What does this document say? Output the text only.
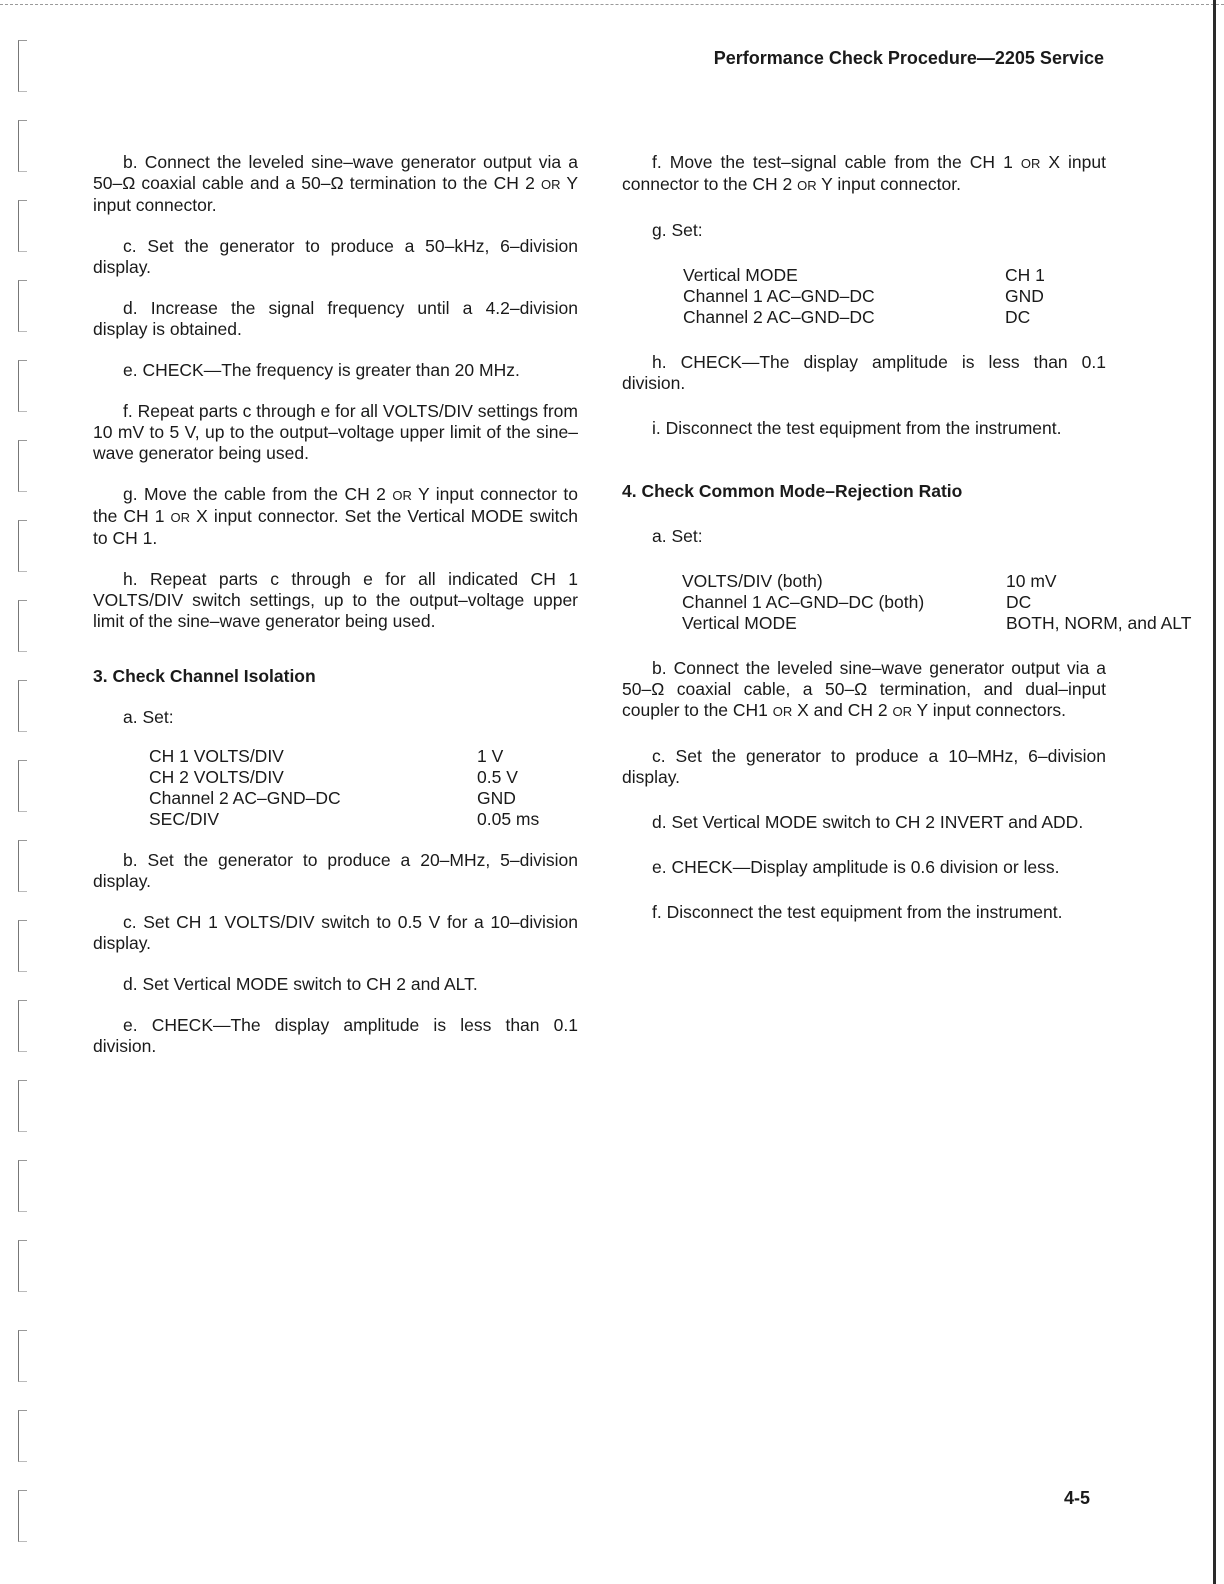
Performance Check Procedure—2205 Service

b. Connect the leveled sine–wave generator output via a 50–Ω coaxial cable and a 50–Ω termination to the CH 2 OR Y input connector.

c. Set the generator to produce a 50–kHz, 6–division display.

d. Increase the signal frequency until a 4.2–division display is obtained.

e. CHECK—The frequency is greater than 20 MHz.

f. Repeat parts c through e for all VOLTS/DIV settings from 10 mV to 5 V, up to the output–voltage upper limit of the sine–wave generator being used.

g. Move the cable from the CH 2 OR Y input connector to the CH 1 OR X input connector. Set the Vertical MODE switch to CH 1.

h. Repeat parts c through e for all indicated CH 1 VOLTS/DIV switch settings, up to the output–voltage upper limit of the sine–wave generator being used.

3. Check Channel Isolation

a. Set:

CH 1 VOLTS/DIV	1 V
CH 2 VOLTS/DIV	0.5 V
Channel 2 AC–GND–DC	GND
SEC/DIV	0.05 ms

b. Set the generator to produce a 20–MHz, 5–division display.

c. Set CH 1 VOLTS/DIV switch to 0.5 V for a 10–division display.

d. Set Vertical MODE switch to CH 2 and ALT.

e. CHECK—The display amplitude is less than 0.1 division.

f. Move the test–signal cable from the CH 1 OR X input connector to the CH 2 OR Y input connector.

g. Set:

Vertical MODE	CH 1
Channel 1 AC–GND–DC	GND
Channel 2 AC–GND–DC	DC

h. CHECK—The display amplitude is less than 0.1 division.

i. Disconnect the test equipment from the instrument.

4. Check Common Mode–Rejection Ratio

a. Set:

VOLTS/DIV (both)	10 mV
Channel 1 AC–GND–DC (both)	DC
Vertical MODE	BOTH, NORM, and ALT

b. Connect the leveled sine–wave generator output via a 50–Ω coaxial cable, a 50–Ω termination, and dual–input coupler to the CH1 OR X and CH 2 OR Y input connectors.

c. Set the generator to produce a 10–MHz, 6–division display.

d. Set Vertical MODE switch to CH 2 INVERT and ADD.

e. CHECK—Display amplitude is 0.6 division or less.

f. Disconnect the test equipment from the instrument.

4-5
